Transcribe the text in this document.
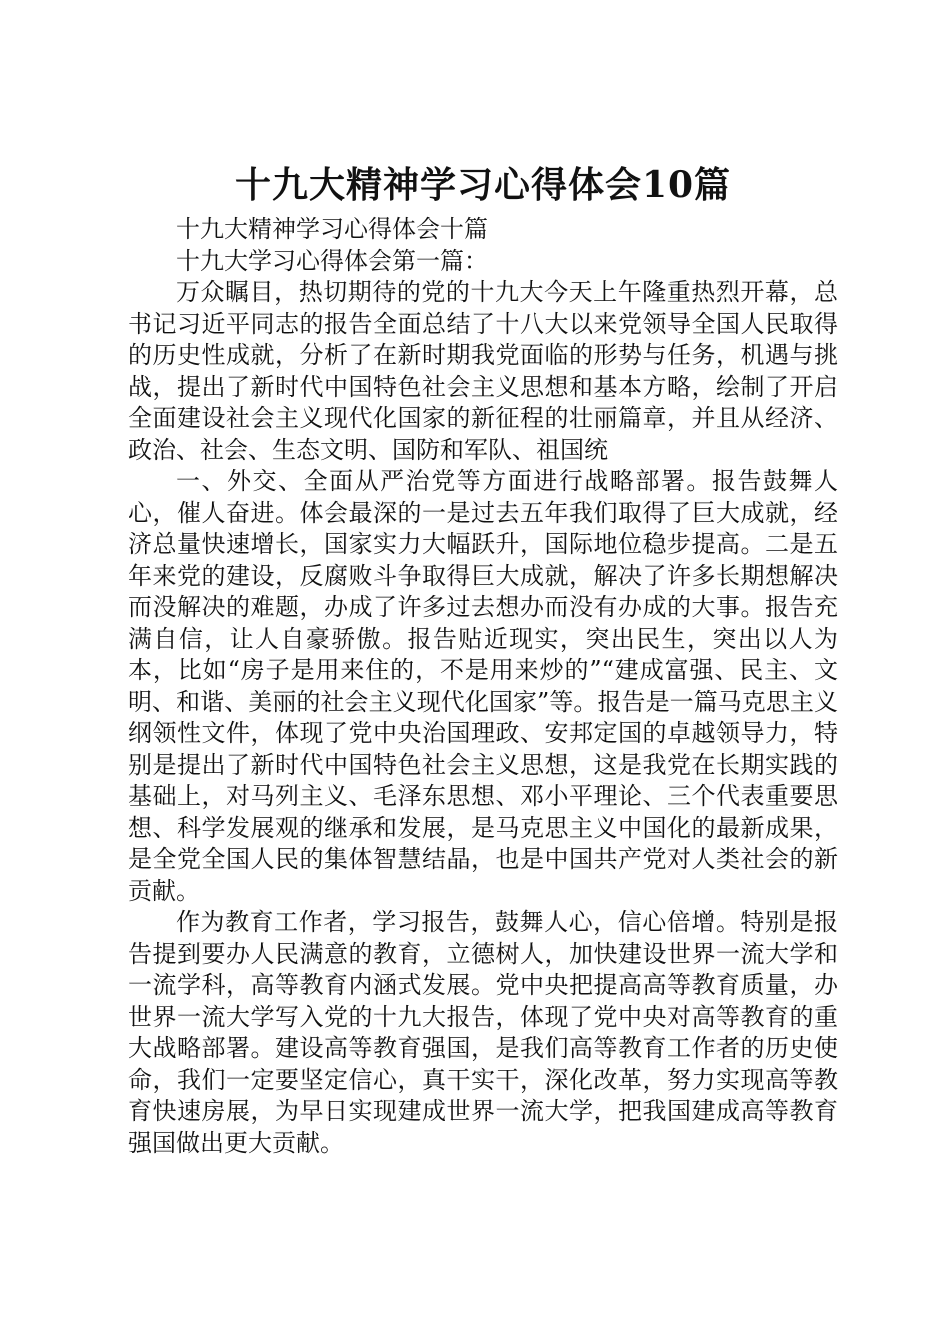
十九大精神学习心得体会10篇

十九大精神学习心得体会十篇

十九大学习心得体会第一篇：

万众瞩目，热切期待的党的十九大今天上午隆重热烈开幕，总书记习近平同志的报告全面总结了十八大以来党领导全国人民取得的历史性成就，分析了在新时期我党面临的形势与任务，机遇与挑战，提出了新时代中国特色社会主义思想和基本方略，绘制了开启全面建设社会主义现代化国家的新征程的壮丽篇章，并且从经济、政治、社会、生态文明、国防和军队、祖国统

一、外交、全面从严治党等方面进行战略部署。报告鼓舞人心，催人奋进。体会最深的一是过去五年我们取得了巨大成就，经济总量快速增长，国家实力大幅跃升，国际地位稳步提高。二是五年来党的建设，反腐败斗争取得巨大成就，解决了许多长期想解决而没解决的难题，办成了许多过去想办而没有办成的大事。报告充满自信，让人自豪骄傲。报告贴近现实，突出民生，突出以人为本，比如“房子是用来住的，不是用来炒的”“建成富强、民主、文明、和谐、美丽的社会主义现代化国家”等。报告是一篇马克思主义纲领性文件，体现了党中央治国理政、安邦定国的卓越领导力，特别是提出了新时代中国特色社会主义思想，这是我党在长期实践的基础上，对马列主义、毛泽东思想、邓小平理论、三个代表重要思想、科学发展观的继承和发展，是马克思主义中国化的最新成果，是全党全国人民的集体智慧结晶，也是中国共产党对人类社会的新贡献。

作为教育工作者，学习报告，鼓舞人心，信心倍增。特别是报告提到要办人民满意的教育，立德树人，加快建设世界一流大学和一流学科，高等教育内涵式发展。党中央把提高高等教育质量，办世界一流大学写入党的十九大报告，体现了党中央对高等教育的重大战略部署。建设高等教育强国，是我们高等教育工作者的历史使命，我们一定要坚定信心，真干实干，深化改革，努力实现高等教育快速房展，为早日实现建成世界一流大学，把我国建成高等教育强国做出更大贡献。
